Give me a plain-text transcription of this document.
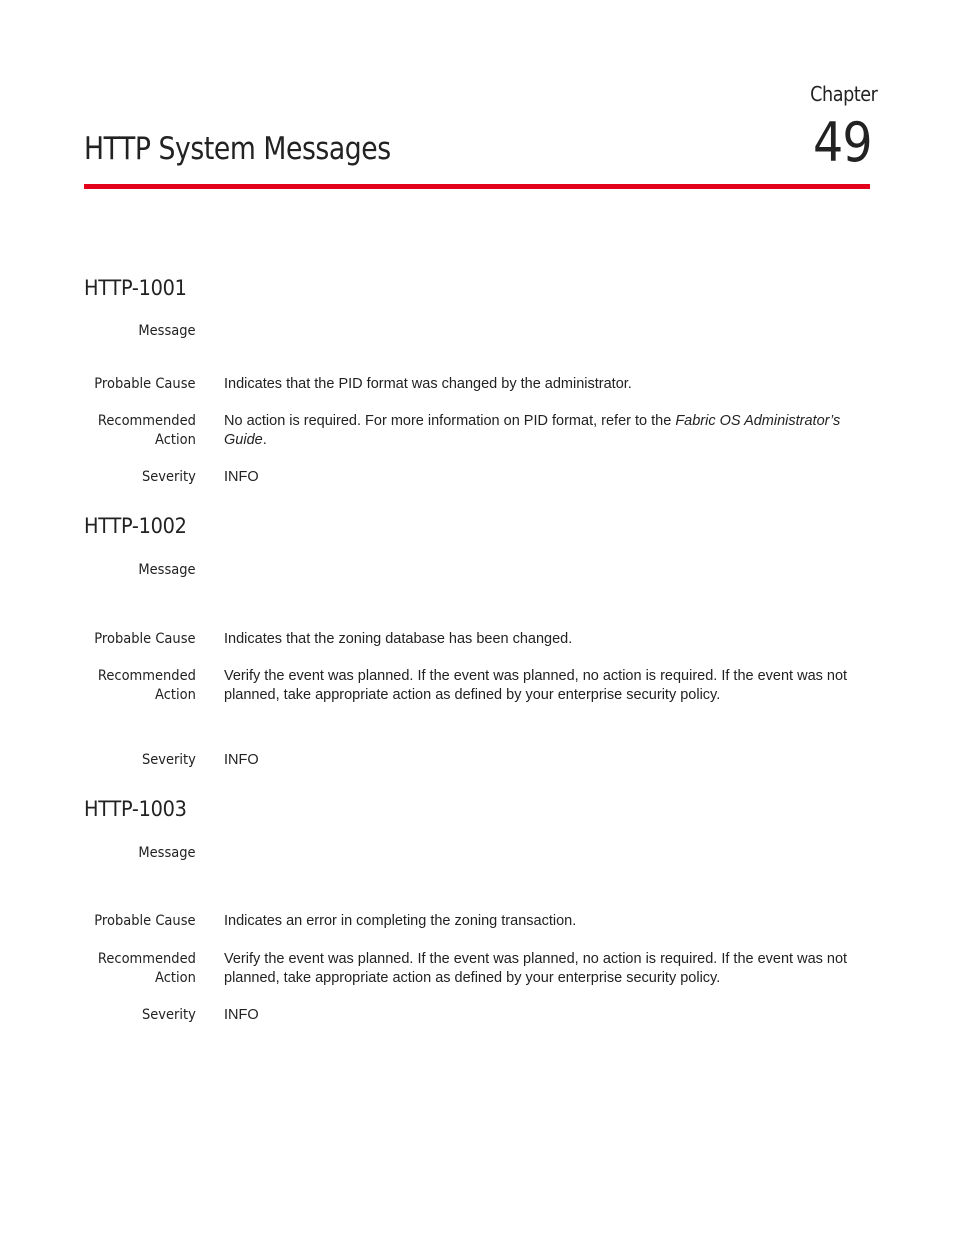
Chapter
49
HTTP System Messages
HTTP-1001
Message
Probable Cause Indicates that the PID format was changed by the administrator.
Recommended
Action
No action is required. For more information on PID format, refer to the Fabric OS Administrator’s Guide.
Severity INFO
HTTP-1002
Message
Probable Cause Indicates that the zoning database has been changed.
Recommended
Action
Verify the event was planned. If the event was planned, no action is required. If the event was not planned, take appropriate action as defined by your enterprise security policy.
Severity INFO
HTTP-1003
Message
Probable Cause Indicates an error in completing the zoning transaction.
Recommended
Action
Verify the event was planned. If the event was planned, no action is required. If the event was not planned, take appropriate action as defined by your enterprise security policy.
Severity INFO
